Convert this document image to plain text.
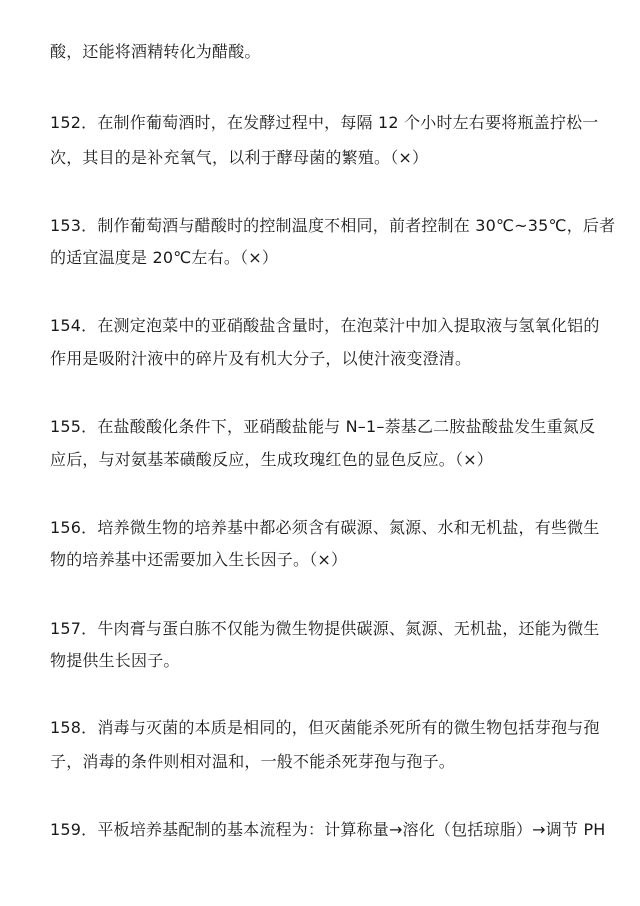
酸，还能将酒精转化为醋酸。
152．在制作葡萄酒时，在发酵过程中，每隔 12 个小时左右要将瓶盖拧松一
次，其目的是补充氧气，以利于酵母菌的繁殖。（×）
153．制作葡萄酒与醋酸时的控制温度不相同，前者控制在 30℃~35℃，后者
的适宜温度是 20℃左右。（×）
154．在测定泡菜中的亚硝酸盐含量时，在泡菜汁中加入提取液与氢氧化铝的
作用是吸附汁液中的碎片及有机大分子，以使汁液变澄清。
155．在盐酸酸化条件下，亚硝酸盐能与 N–1–萘基乙二胺盐酸盐发生重氮反
应后，与对氨基苯磺酸反应，生成玫瑰红色的显色反应。（×）
156．培养微生物的培养基中都必须含有碳源、氮源、水和无机盐，有些微生
物的培养基中还需要加入生长因子。（×）
157．牛肉膏与蛋白胨不仅能为微生物提供碳源、氮源、无机盐，还能为微生
物提供生长因子。
158．消毒与灭菌的本质是相同的，但灭菌能杀死所有的微生物包括芽孢与孢
子，消毒的条件则相对温和，一般不能杀死芽孢与孢子。
159．平板培养基配制的基本流程为：计算称量→溶化（包括琼脂）→调节 PH
